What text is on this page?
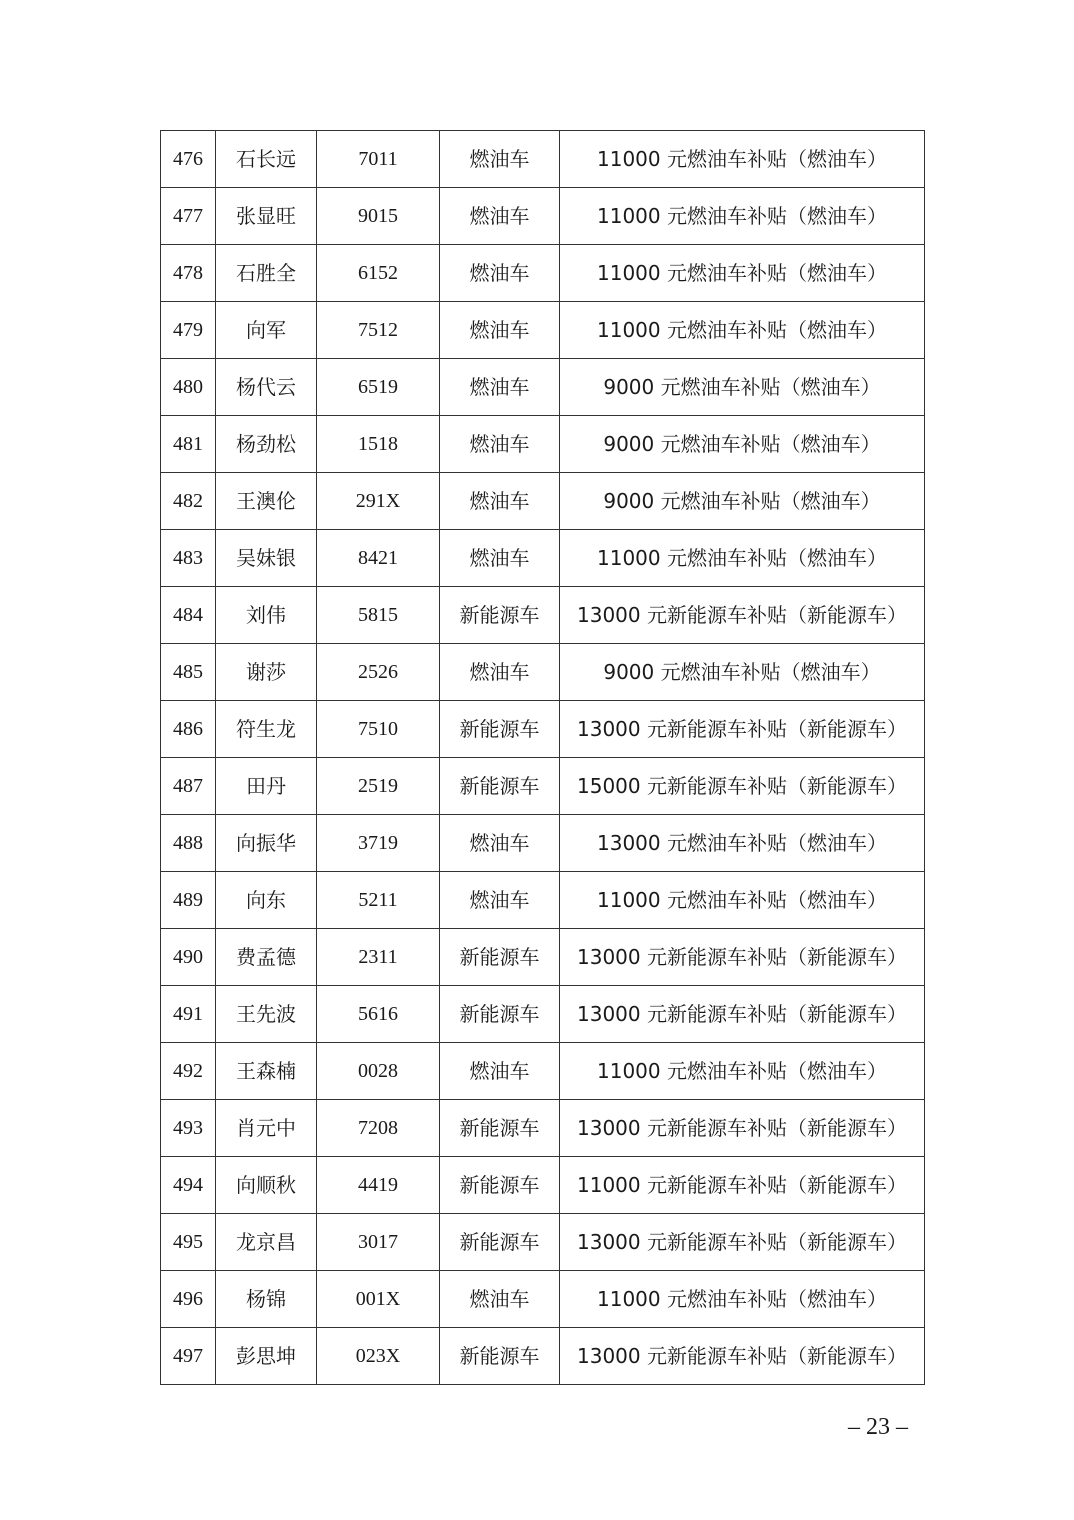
476	石长远	7011	燃油车	11000 元燃油车补贴（燃油车）
477	张显旺	9015	燃油车	11000 元燃油车补贴（燃油车）
478	石胜全	6152	燃油车	11000 元燃油车补贴（燃油车）
479	向军	7512	燃油车	11000 元燃油车补贴（燃油车）
480	杨代云	6519	燃油车	9000 元燃油车补贴（燃油车）
481	杨劲松	1518	燃油车	9000 元燃油车补贴（燃油车）
482	王澳伦	291X	燃油车	9000 元燃油车补贴（燃油车）
483	吴妹银	8421	燃油车	11000 元燃油车补贴（燃油车）
484	刘伟	5815	新能源车	13000 元新能源车补贴（新能源车）
485	谢莎	2526	燃油车	9000 元燃油车补贴（燃油车）
486	符生龙	7510	新能源车	13000 元新能源车补贴（新能源车）
487	田丹	2519	新能源车	15000 元新能源车补贴（新能源车）
488	向振华	3719	燃油车	13000 元燃油车补贴（燃油车）
489	向东	5211	燃油车	11000 元燃油车补贴（燃油车）
490	费孟德	2311	新能源车	13000 元新能源车补贴（新能源车）
491	王先波	5616	新能源车	13000 元新能源车补贴（新能源车）
492	王森楠	0028	燃油车	11000 元燃油车补贴（燃油车）
493	肖元中	7208	新能源车	13000 元新能源车补贴（新能源车）
494	向顺秋	4419	新能源车	11000 元新能源车补贴（新能源车）
495	龙京昌	3017	新能源车	13000 元新能源车补贴（新能源车）
496	杨锦	001X	燃油车	11000 元燃油车补贴（燃油车）
497	彭思坤	023X	新能源车	13000 元新能源车补贴（新能源车）
– 23 –
